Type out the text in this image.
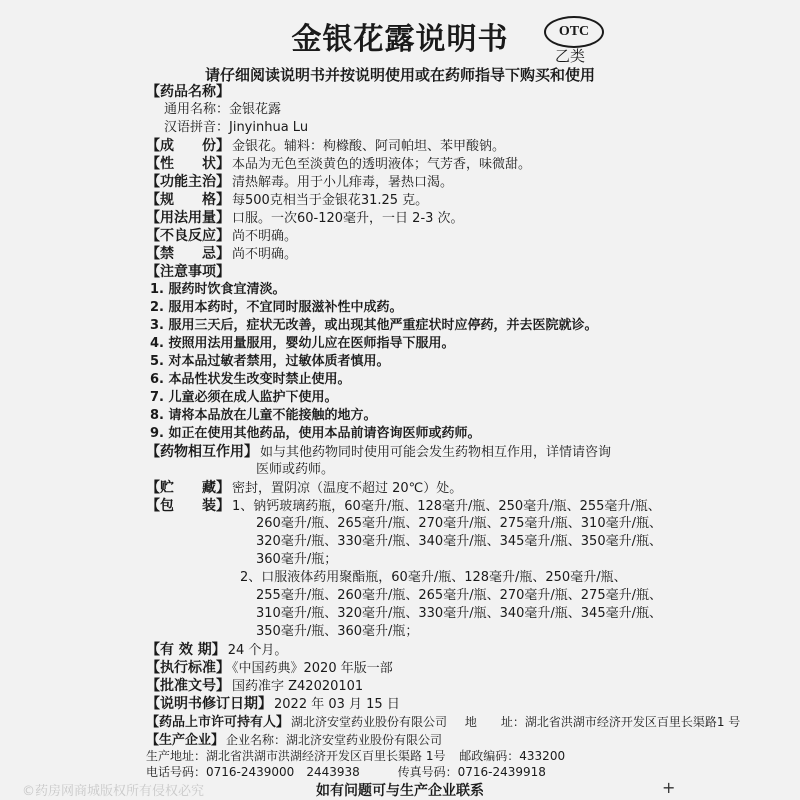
金银花露说明书	OTC
乙类
请仔细阅读说明书并按说明使用或在药师指导下购买和使用
【药品名称】
通用名称：金银花露
汉语拼音：Jinyinhua Lu
【成　　份】 金银花。辅料：枸橼酸、阿司帕坦、苯甲酸钠。
【性　　状】 本品为无色至淡黄色的透明液体；气芳香，味微甜。
【功能主治】 清热解毒。用于小儿痱毒，暑热口渴。
【规　　格】 每500克相当于金银花31.25 克。
【用法用量】 口服。一次60-120毫升，一日 2-3 次。
【不良反应】 尚不明确。
【禁　　忌】 尚不明确。
【注意事项】
1. 服药时饮食宜清淡。
2. 服用本药时，不宜同时服滋补性中成药。
3. 服用三天后，症状无改善，或出现其他严重症状时应停药，并去医院就诊。
4. 按照用法用量服用，婴幼儿应在医师指导下服用。
5. 对本品过敏者禁用，过敏体质者慎用。
6. 本品性状发生改变时禁止使用。
7. 儿童必须在成人监护下使用。
8. 请将本品放在儿童不能接触的地方。
9. 如正在使用其他药品，使用本品前请咨询医师或药师。
【药物相互作用】 如与其他药物同时使用可能会发生药物相互作用，详情请咨询
医师或药师。
【贮　　藏】 密封，置阴凉（温度不超过 20℃）处。
【包　　装】 1、钠钙玻璃药瓶，60毫升/瓶、128毫升/瓶、250毫升/瓶、255毫升/瓶、
260毫升/瓶、265毫升/瓶、270毫升/瓶、275毫升/瓶、310毫升/瓶、
320毫升/瓶、330毫升/瓶、340毫升/瓶、345毫升/瓶、350毫升/瓶、
360毫升/瓶；
2、口服液体药用聚酯瓶，60毫升/瓶、128毫升/瓶、250毫升/瓶、
255毫升/瓶、260毫升/瓶、265毫升/瓶、270毫升/瓶、275毫升/瓶、
310毫升/瓶、320毫升/瓶、330毫升/瓶、340毫升/瓶、345毫升/瓶、
350毫升/瓶、360毫升/瓶；
【有 效 期】 24 个月。
【执行标准】 《中国药典》2020 年版一部
【批准文号】 国药准字 Z42020101
【说明书修订日期】 2022 年 03 月 15 日
【药品上市许可持有人】 湖北济安堂药业股份有限公司 地　　址：湖北省洪湖市经济开发区百里长渠路1 号
【生产企业】 企业名称：湖北济安堂药业股份有限公司
生产地址：湖北省洪湖市洪湖经济开发区百里长渠路 1号 邮政编码：433200
电话号码：0716-2439000　2443938	传真号码：0716-2439918
如有问题可与生产企业联系
©药房网商城版权所有侵权必究	+
